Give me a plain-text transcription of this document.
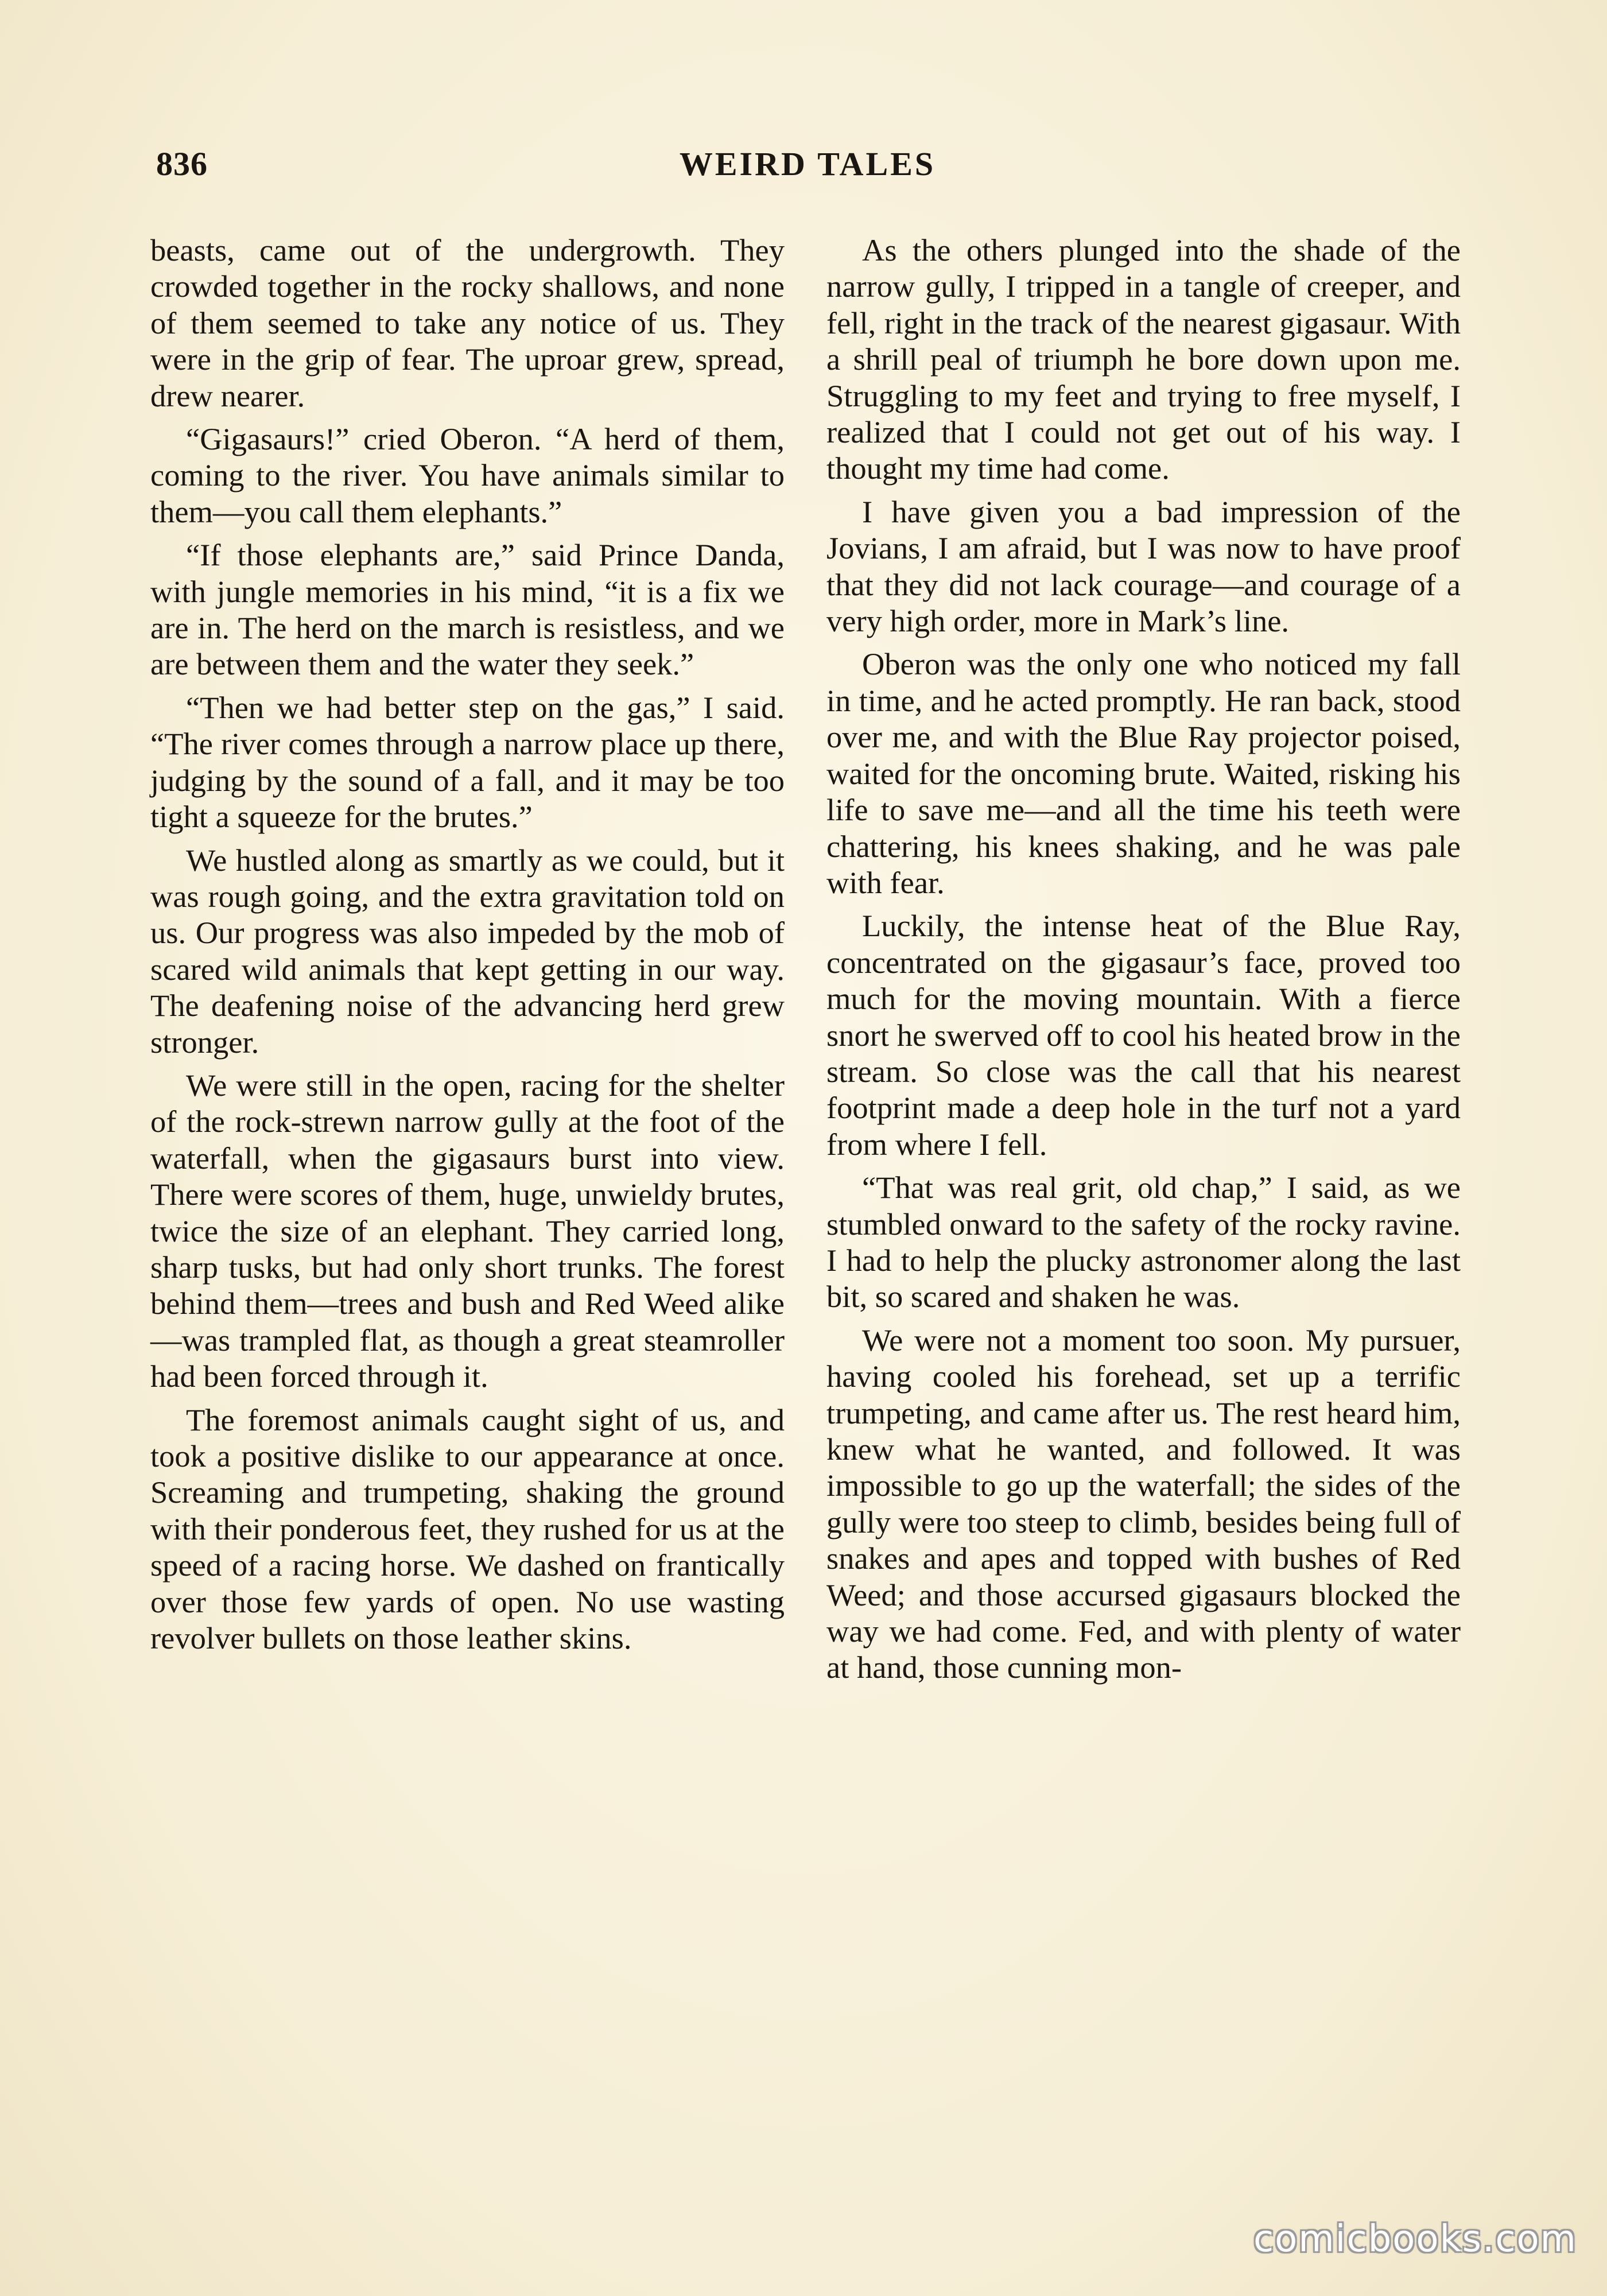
WEIRD TALES
836

beasts, came out of the undergrowth. They crowded together in the rocky shallows, and none of them seemed to take any notice of us. They were in the grip of fear. The uproar grew, spread, drew nearer.

“Gigasaurs!” cried Oberon. “A herd of them, coming to the river. You have animals similar to them—you call them elephants.”

“If those elephants are,” said Prince Danda, with jungle memories in his mind, “it is a fix we are in. The herd on the march is resistless, and we are between them and the water they seek.”

“Then we had better step on the gas,” I said. “The river comes through a narrow place up there, judging by the sound of a fall, and it may be too tight a squeeze for the brutes.”

We hustled along as smartly as we could, but it was rough going, and the extra gravitation told on us. Our progress was also impeded by the mob of scared wild animals that kept getting in our way. The deafening noise of the advancing herd grew stronger.

We were still in the open, racing for the shelter of the rock-strewn narrow gully at the foot of the waterfall, when the gigasaurs burst into view. There were scores of them, huge, unwieldy brutes, twice the size of an elephant. They carried long, sharp tusks, but had only short trunks. The forest behind them—trees and bush and Red Weed alike—was trampled flat, as though a great steamroller had been forced through it.

The foremost animals caught sight of us, and took a positive dislike to our appearance at once. Screaming and trumpeting, shaking the ground with their ponderous feet, they rushed for us at the speed of a racing horse. We dashed on frantically over those few yards of open. No use wasting revolver bullets on those leather skins.

As the others plunged into the shade of the narrow gully, I tripped in a tangle of creeper, and fell, right in the track of the nearest gigasaur. With a shrill peal of triumph he bore down upon me. Struggling to my feet and trying to free myself, I realized that I could not get out of his way. I thought my time had come.

I have given you a bad impression of the Jovians, I am afraid, but I was now to have proof that they did not lack courage—and courage of a very high order, more in Mark’s line.

Oberon was the only one who noticed my fall in time, and he acted promptly. He ran back, stood over me, and with the Blue Ray projector poised, waited for the oncoming brute. Waited, risking his life to save me—and all the time his teeth were chattering, his knees shaking, and he was pale with fear.

Luckily, the intense heat of the Blue Ray, concentrated on the gigasaur’s face, proved too much for the moving mountain. With a fierce snort he swerved off to cool his heated brow in the stream. So close was the call that his nearest footprint made a deep hole in the turf not a yard from where I fell.

“That was real grit, old chap,” I said, as we stumbled onward to the safety of the rocky ravine. I had to help the plucky astronomer along the last bit, so scared and shaken he was.

We were not a moment too soon. My pursuer, having cooled his forehead, set up a terrific trumpeting, and came after us. The rest heard him, knew what he wanted, and followed. It was impossible to go up the waterfall; the sides of the gully were too steep to climb, besides being full of snakes and apes and topped with bushes of Red Weed; and those accursed gigasaurs blocked the way we had come. Fed, and with plenty of water at hand, those cunning mon-

comicbooks.com
